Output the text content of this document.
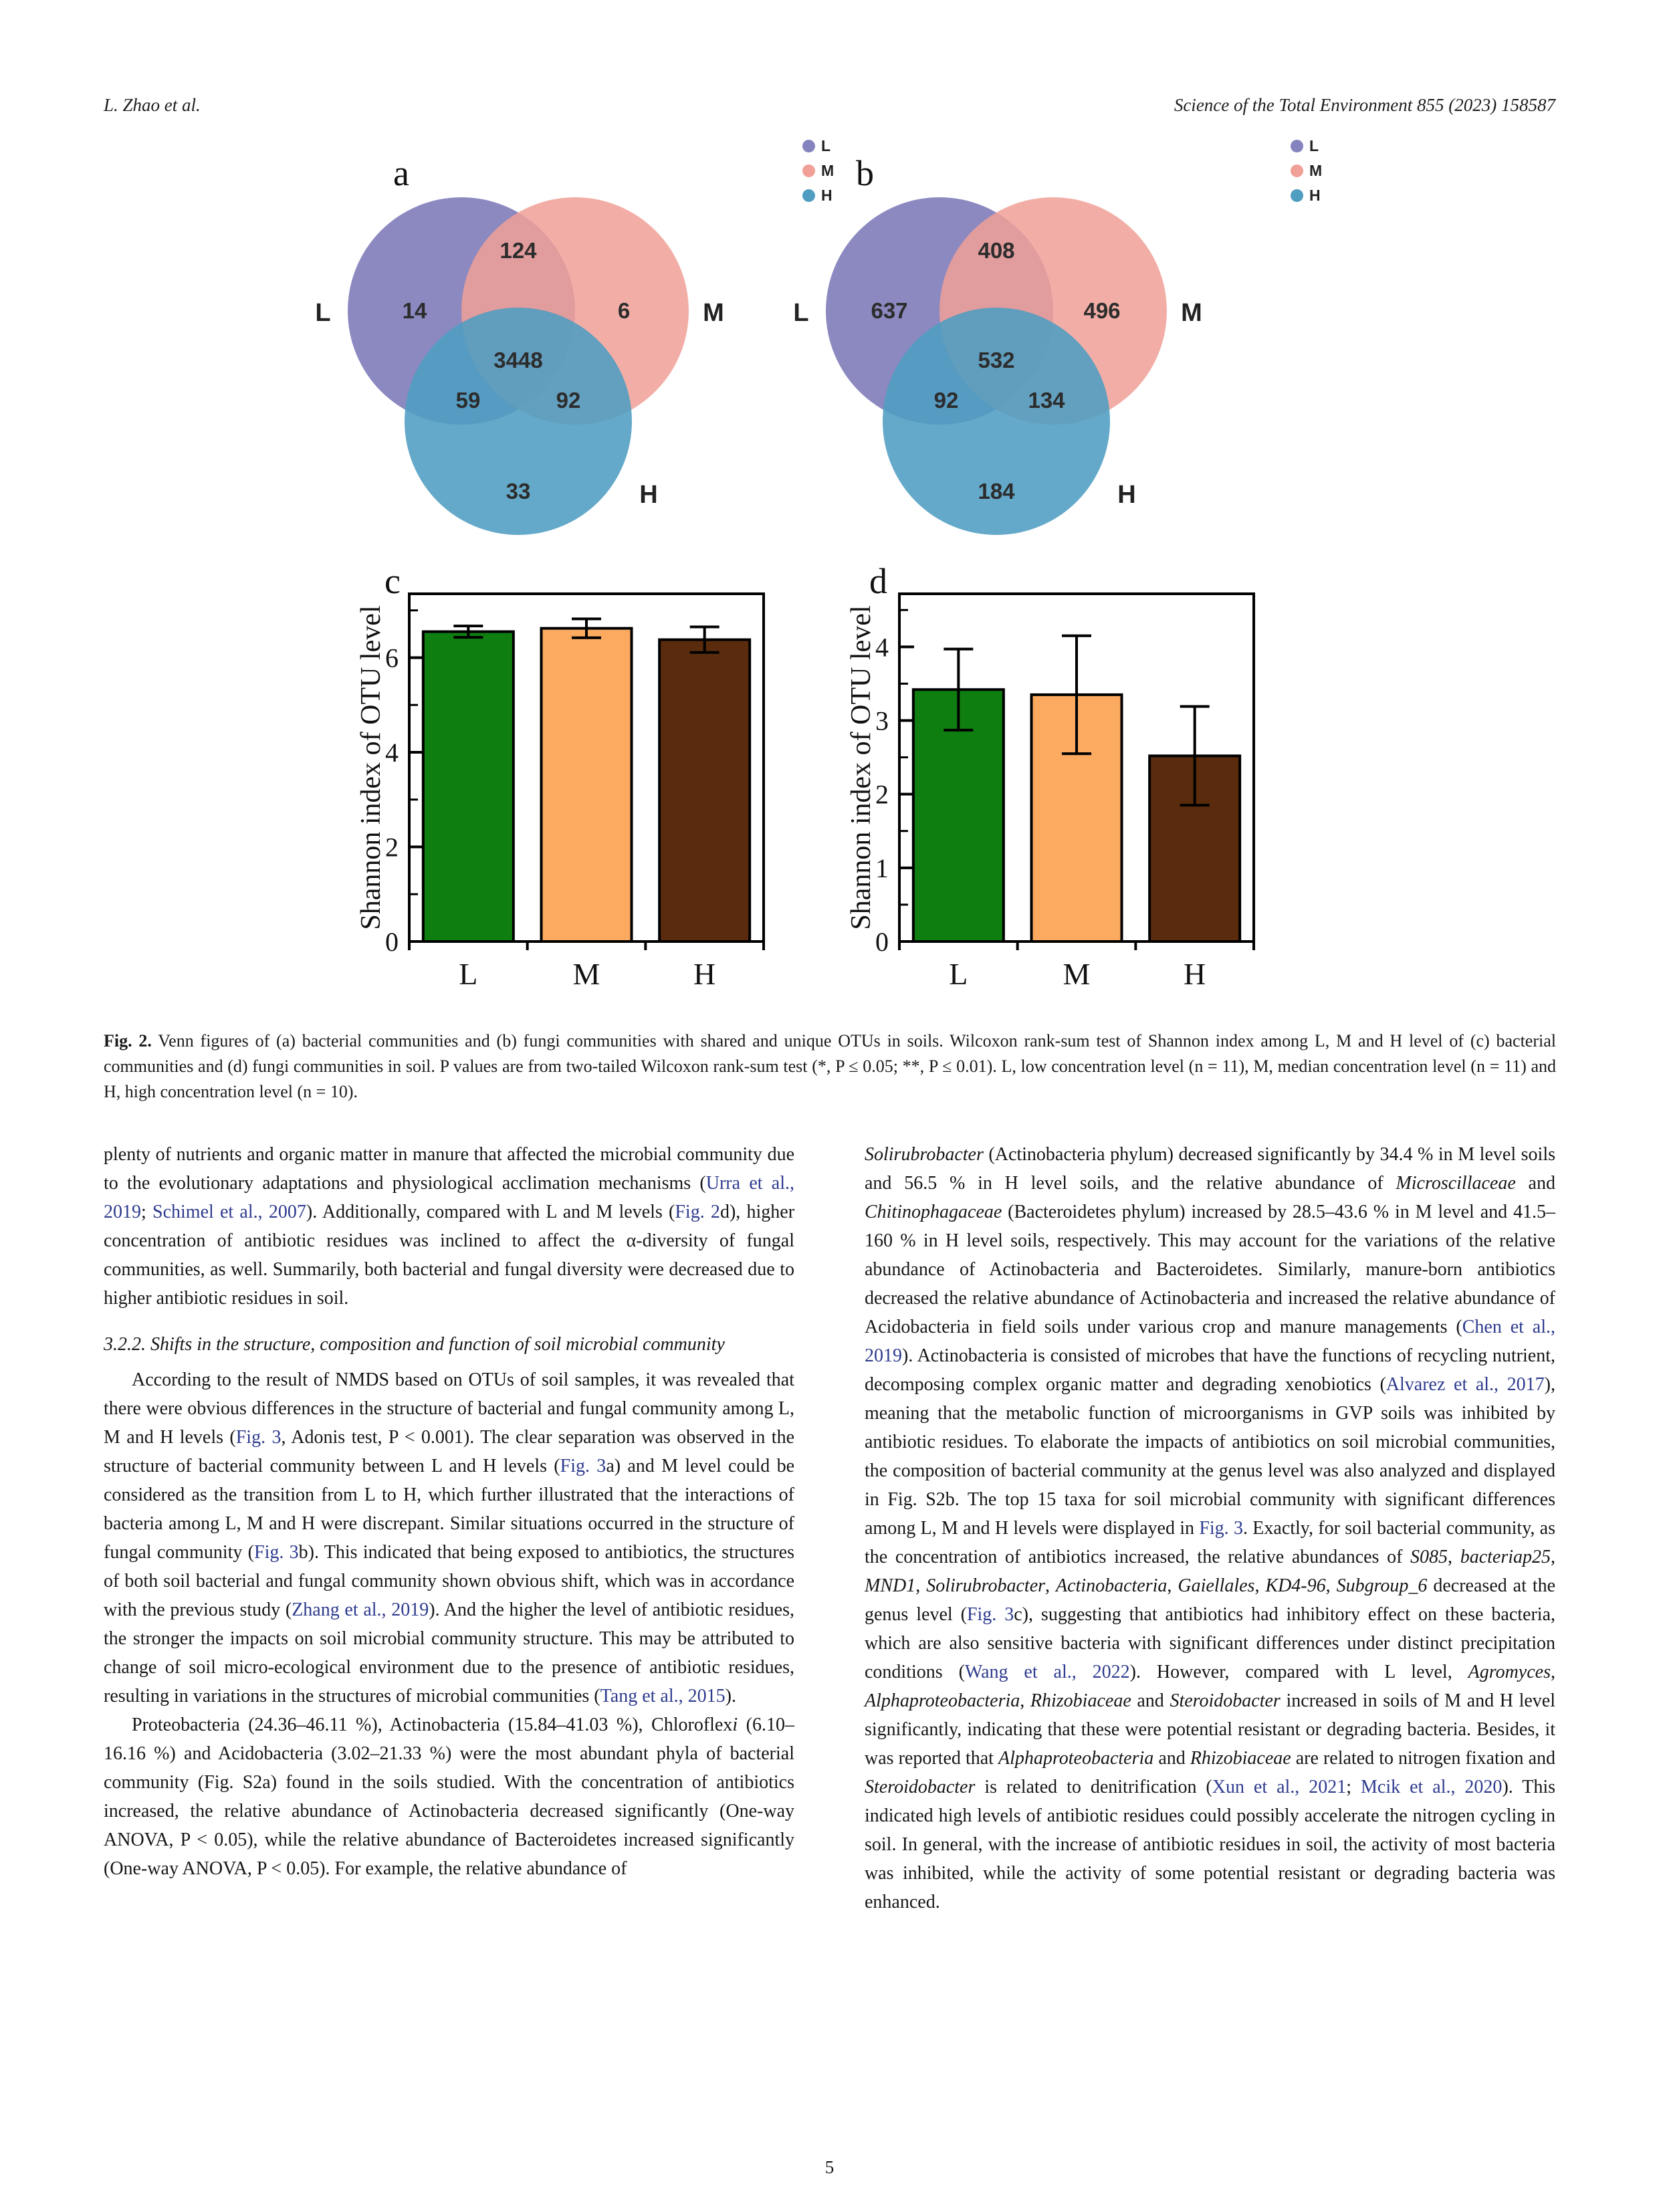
L. Zhao et al.	Science of the Total Environment 855 (2023) 158587
a	b
c	d
124
14	6
3448
59	92
33
L	M
H
408
637	496
532
92	134
184
L	M
H
L
M
H
L
M
H
0
2
4
6
L	M	H
Shannon index of OTU level
0
1
2
3
4
L	M	H
Shannon index of OTU level

Fig. 2. Venn figures of (a) bacterial communities and (b) fungi communities with shared and unique OTUs in soils. Wilcoxon rank-sum test of Shannon index among L, M and H level of (c) bacterial communities and (d) fungi communities in soil. P values are from two-tailed Wilcoxon rank-sum test (*, P ≤ 0.05; **, P ≤ 0.01). L, low concentration level (n = 11), M, median concentration level (n = 11) and H, high concentration level (n = 10).

plenty of nutrients and organic matter in manure that affected the microbial community due to the evolutionary adaptations and physiological acclimation mechanisms (Urra et al., 2019; Schimel et al., 2007). Additionally, compared with L and M levels (Fig. 2d), higher concentration of antibiotic residues was inclined to affect the α-diversity of fungal communities, as well. Summarily, both bacterial and fungal diversity were decreased due to higher antibiotic residues in soil.

3.2.2. Shifts in the structure, composition and function of soil microbial community

According to the result of NMDS based on OTUs of soil samples, it was revealed that there were obvious differences in the structure of bacterial and fungal community among L, M and H levels (Fig. 3, Adonis test, P < 0.001). The clear separation was observed in the structure of bacterial community between L and H levels (Fig. 3a) and M level could be considered as the transition from L to H, which further illustrated that the interactions of bacteria among L, M and H were discrepant. Similar situations occurred in the structure of fungal community (Fig. 3b). This indicated that being exposed to antibiotics, the structures of both soil bacterial and fungal community shown obvious shift, which was in accordance with the previous study (Zhang et al., 2019). And the higher the level of antibiotic residues, the stronger the impacts on soil microbial community structure. This may be attributed to change of soil micro-ecological environment due to the presence of antibiotic residues, resulting in variations in the structures of microbial communities (Tang et al., 2015).

Proteobacteria (24.36–46.11 %), Actinobacteria (15.84–41.03 %), Chloroflexi (6.10–16.16 %) and Acidobacteria (3.02–21.33 %) were the most abundant phyla of bacterial community (Fig. S2a) found in the soils studied. With the concentration of antibiotics increased, the relative abundance of Actinobacteria decreased significantly (One-way ANOVA, P < 0.05), while the relative abundance of Bacteroidetes increased significantly (One-way ANOVA, P < 0.05). For example, the relative abundance of

Solirubrobacter (Actinobacteria phylum) decreased significantly by 34.4 % in M level soils and 56.5 % in H level soils, and the relative abundance of Microscillaceae and Chitinophagaceae (Bacteroidetes phylum) increased by 28.5–43.6 % in M level and 41.5–160 % in H level soils, respectively. This may account for the variations of the relative abundance of Actinobacteria and Bacteroidetes. Similarly, manure-born antibiotics decreased the relative abundance of Actinobacteria and increased the relative abundance of Acidobacteria in field soils under various crop and manure managements (Chen et al., 2019). Actinobacteria is consisted of microbes that have the functions of recycling nutrient, decomposing complex organic matter and degrading xenobiotics (Alvarez et al., 2017), meaning that the metabolic function of microorganisms in GVP soils was inhibited by antibiotic residues. To elaborate the impacts of antibiotics on soil microbial communities, the composition of bacterial community at the genus level was also analyzed and displayed in Fig. S2b. The top 15 taxa for soil microbial community with significant differences among L, M and H levels were displayed in Fig. 3. Exactly, for soil bacterial community, as the concentration of antibiotics increased, the relative abundances of S085, bacteriap25, MND1, Solirubrobacter, Actinobacteria, Gaiellales, KD4-96, Subgroup_6 decreased at the genus level (Fig. 3c), suggesting that antibiotics had inhibitory effect on these bacteria, which are also sensitive bacteria with significant differences under distinct precipitation conditions (Wang et al., 2022). However, compared with L level, Agromyces, Alphaproteobacteria, Rhizobiaceae and Steroidobacter increased in soils of M and H level significantly, indicating that these were potential resistant or degrading bacteria. Besides, it was reported that Alphaproteobacteria and Rhizobiaceae are related to nitrogen fixation and Steroidobacter is related to denitrification (Xun et al., 2021; Mcik et al., 2020). This indicated high levels of antibiotic residues could possibly accelerate the nitrogen cycling in soil. In general, with the increase of antibiotic residues in soil, the activity of most bacteria was inhibited, while the activity of some potential resistant or degrading bacteria was enhanced.

5
